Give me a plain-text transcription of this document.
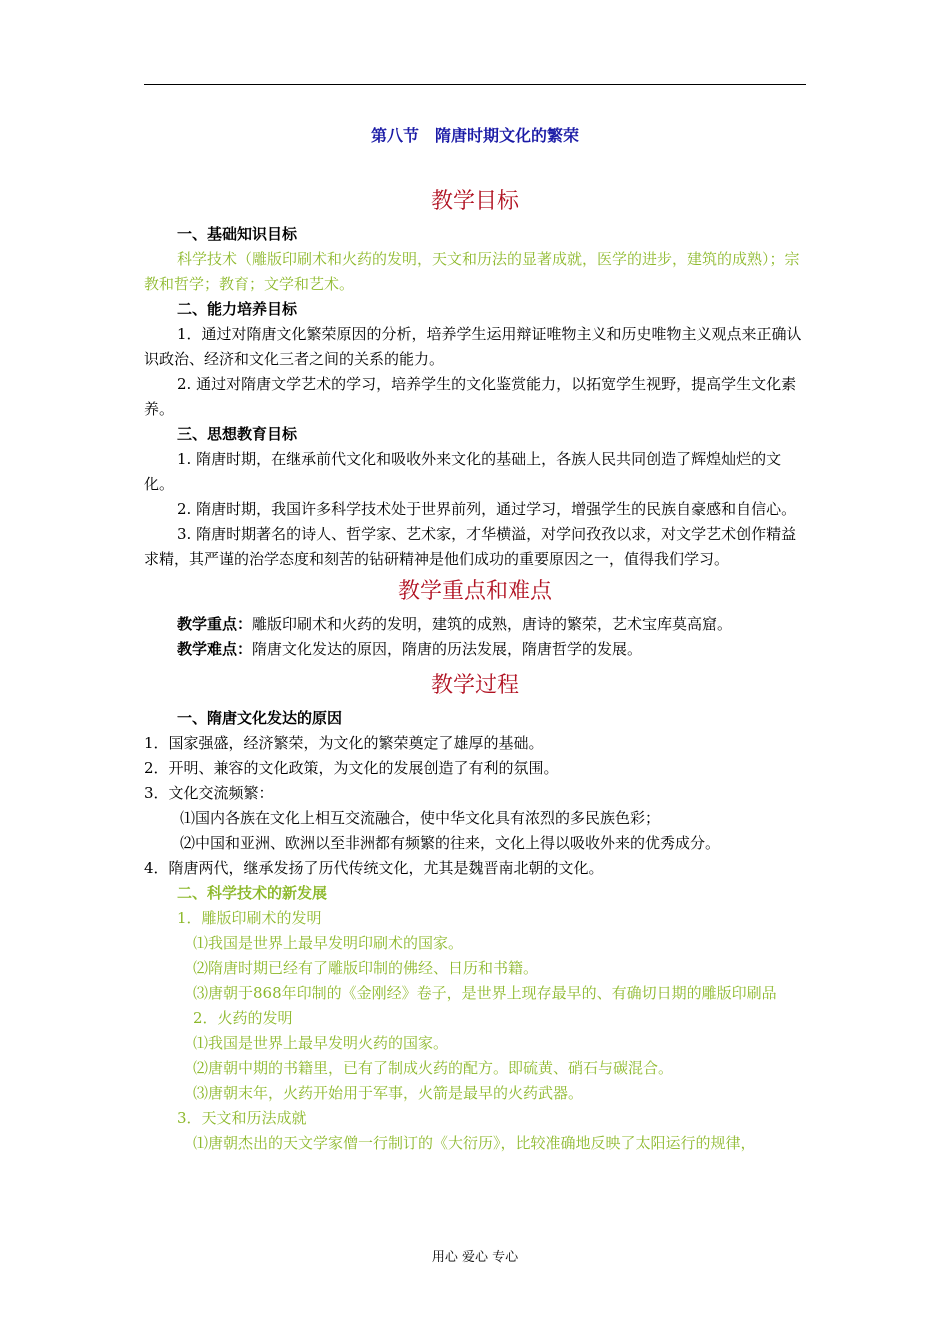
第八节　隋唐时期文化的繁荣
教学目标
一、基础知识目标
科学技术（雕版印刷术和火药的发明，天文和历法的显著成就，医学的进步，建筑的成熟）；宗教和哲学；教育；文学和艺术。
二、能力培养目标
1．通过对隋唐文化繁荣原因的分析，培养学生运用辩证唯物主义和历史唯物主义观点来正确认识政治、经济和文化三者之间的关系的能力。
2. 通过对隋唐文学艺术的学习，培养学生的文化鉴赏能力，以拓宽学生视野，提高学生文化素养。
三、思想教育目标
1. 隋唐时期，在继承前代文化和吸收外来文化的基础上，各族人民共同创造了辉煌灿烂的文化。
2. 隋唐时期，我国许多科学技术处于世界前列，通过学习，增强学生的民族自豪感和自信心。
3. 隋唐时期著名的诗人、哲学家、艺术家，才华横溢，对学问孜孜以求，对文学艺术创作精益求精，其严谨的治学态度和刻苦的钻研精神是他们成功的重要原因之一，值得我们学习。
教学重点和难点
教学重点：雕版印刷术和火药的发明，建筑的成熟，唐诗的繁荣，艺术宝库莫高窟。
教学难点：隋唐文化发达的原因，隋唐的历法发展，隋唐哲学的发展。
教学过程
一、隋唐文化发达的原因
1．国家强盛，经济繁荣，为文化的繁荣奠定了雄厚的基础。
2．开明、兼容的文化政策，为文化的发展创造了有利的氛围。
3．文化交流频繁：
⑴国内各族在文化上相互交流融合，使中华文化具有浓烈的多民族色彩；
⑵中国和亚洲、欧洲以至非洲都有频繁的往来，文化上得以吸收外来的优秀成分。
4．隋唐两代，继承发扬了历代传统文化，尤其是魏晋南北朝的文化。
二、科学技术的新发展
1．雕版印刷术的发明
⑴我国是世界上最早发明印刷术的国家。
⑵隋唐时期已经有了雕版印制的佛经、日历和书籍。
⑶唐朝于868年印制的《金刚经》卷子，是世界上现存最早的、有确切日期的雕版印刷品
2．火药的发明
⑴我国是世界上最早发明火药的国家。
⑵唐朝中期的书籍里，已有了制成火药的配方。即硫黄、硝石与碳混合。
⑶唐朝末年，火药开始用于军事，火箭是最早的火药武器。
3．天文和历法成就
⑴唐朝杰出的天文学家僧一行制订的《大衍历》，比较准确地反映了太阳运行的规律，
用心 爱心 专心
